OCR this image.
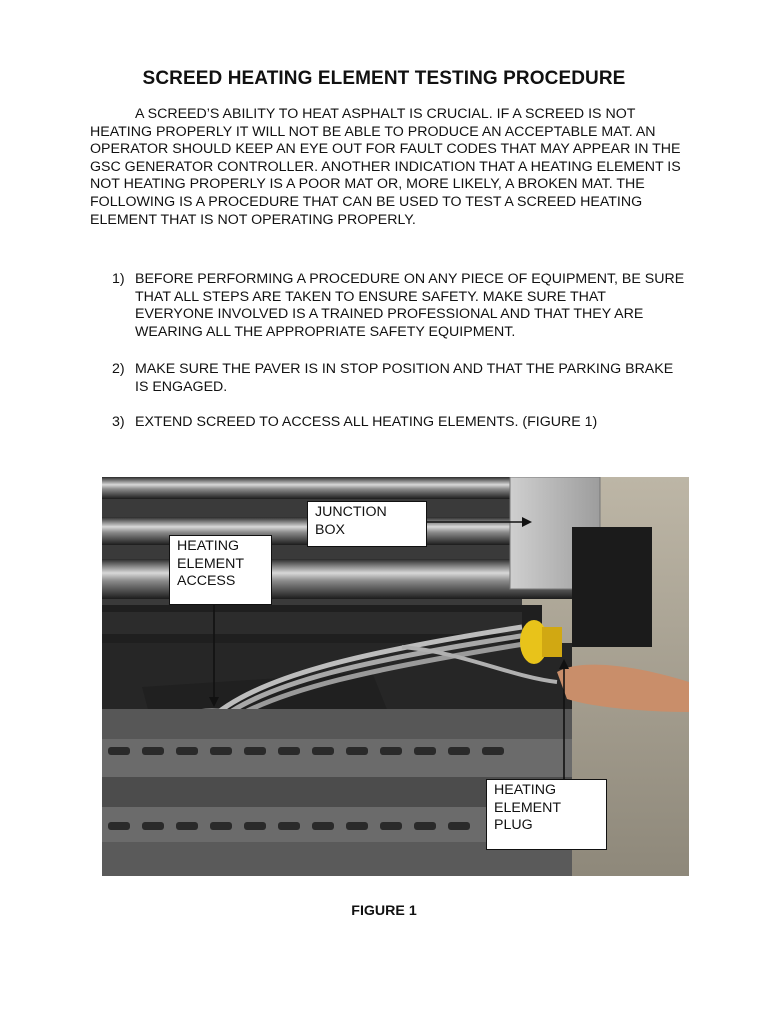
SCREED HEATING ELEMENT TESTING PROCEDURE
A SCREED’S ABILITY TO HEAT ASPHALT IS CRUCIAL. IF A SCREED IS NOT HEATING PROPERLY IT WILL NOT BE ABLE TO PRODUCE AN ACCEPTABLE MAT. AN OPERATOR SHOULD KEEP AN EYE OUT FOR FAULT CODES THAT MAY APPEAR IN THE GSC GENERATOR CONTROLLER. ANOTHER INDICATION THAT A HEATING ELEMENT IS NOT HEATING PROPERLY IS A POOR MAT OR, MORE LIKELY, A BROKEN MAT. THE FOLLOWING IS A PROCEDURE THAT CAN BE USED TO TEST A SCREED HEATING ELEMENT THAT IS NOT OPERATING PROPERLY.
1) BEFORE PERFORMING A PROCEDURE ON ANY PIECE OF EQUIPMENT, BE SURE THAT ALL STEPS ARE TAKEN TO ENSURE SAFETY. MAKE SURE THAT EVERYONE INVOLVED IS A TRAINED PROFESSIONAL AND THAT THEY ARE WEARING ALL THE APPROPRIATE SAFETY EQUIPMENT.
2) MAKE SURE THE PAVER IS IN STOP POSITION AND THAT THE PARKING BRAKE IS ENGAGED.
3) EXTEND SCREED TO ACCESS ALL HEATING ELEMENTS. (FIGURE 1)
JUNCTION
BOX
HEATING
ELEMENT
ACCESS
HEATING
ELEMENT
PLUG
FIGURE 1
